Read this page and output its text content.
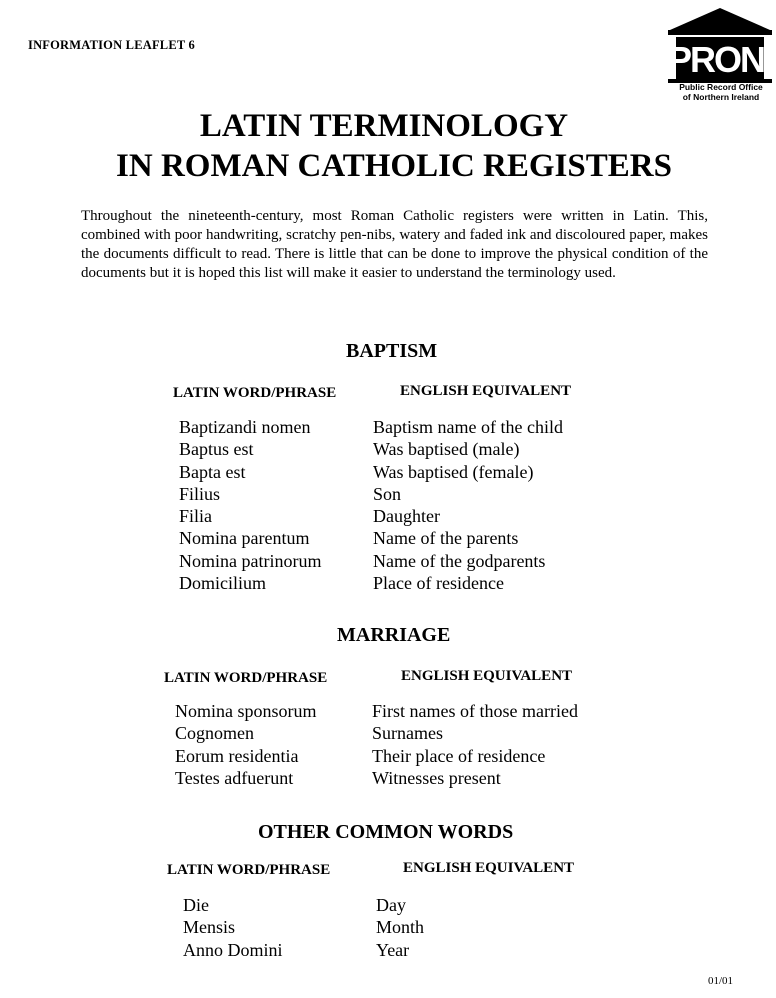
INFORMATION LEAFLET 6	PRONI
Public Record Office
of Northern Ireland
LATIN TERMINOLOGY
IN ROMAN CATHOLIC REGISTERS

Throughout the nineteenth-century, most Roman Catholic registers were written in Latin. This, combined with poor handwriting, scratchy pen-nibs, watery and faded ink and discoloured paper, makes the documents difficult to read. There is little that can be done to improve the physical condition of the documents but it is hoped this list will make it easier to understand the terminology used.

BAPTISM
LATIN WORD/PHRASE	ENGLISH EQUIVALENT
Baptizandi nomen	Baptism name of the child
Baptus est	Was baptised (male)
Bapta est	Was baptised (female)
Filius	Son
Filia	Daughter
Nomina parentum	Name of the parents
Nomina patrinorum	Name of the godparents
Domicilium	Place of residence
MARRIAGE
LATIN WORD/PHRASE	ENGLISH EQUIVALENT
Nomina sponsorum	First names of those married
Cognomen	Surnames
Eorum residentia	Their place of residence
Testes adfuerunt	Witnesses present
OTHER COMMON WORDS
LATIN WORD/PHRASE	ENGLISH EQUIVALENT
Die	Day
Mensis	Month
Anno Domini	Year
01/01
